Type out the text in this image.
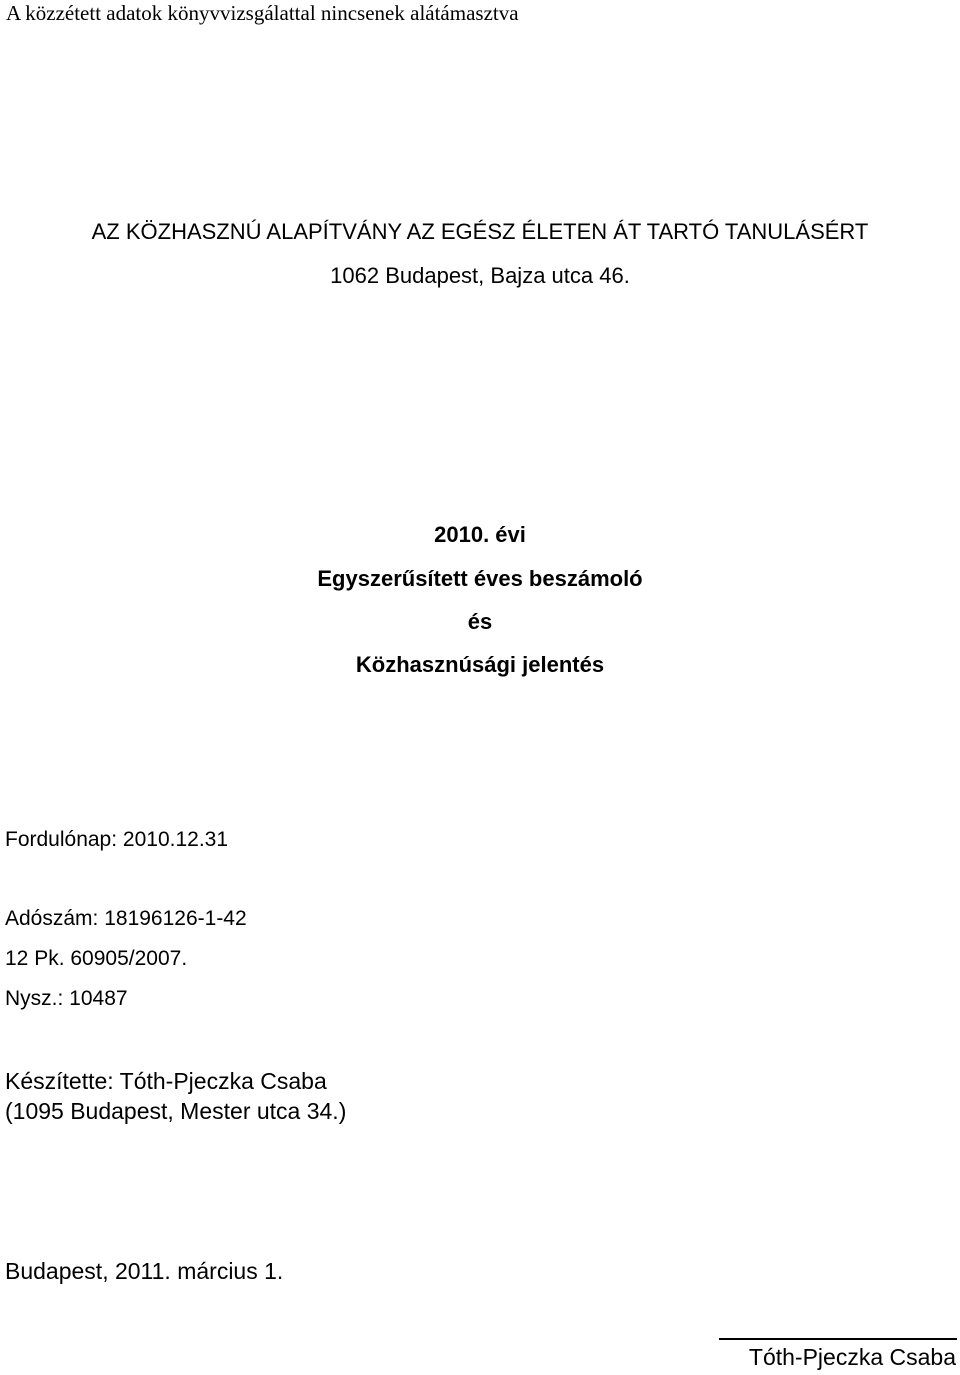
A közzétett adatok könyvvizsgálattal nincsenek alátámasztva

AZ KÖZHASZNÚ ALAPÍTVÁNY AZ EGÉSZ ÉLETEN ÁT TARTÓ TANULÁSÉRT

1062 Budapest, Bajza utca 46.

2010. évi

Egyszerűsített éves beszámoló

és

Közhasznúsági jelentés

Fordulónap: 2010.12.31

Adószám: 18196126-1-42

12 Pk. 60905/2007.

Nysz.: 10487

Készítette: Tóth-Pjeczka Csaba

(1095 Budapest, Mester utca 34.)

Budapest, 2011. március 1.

Tóth-Pjeczka Csaba
